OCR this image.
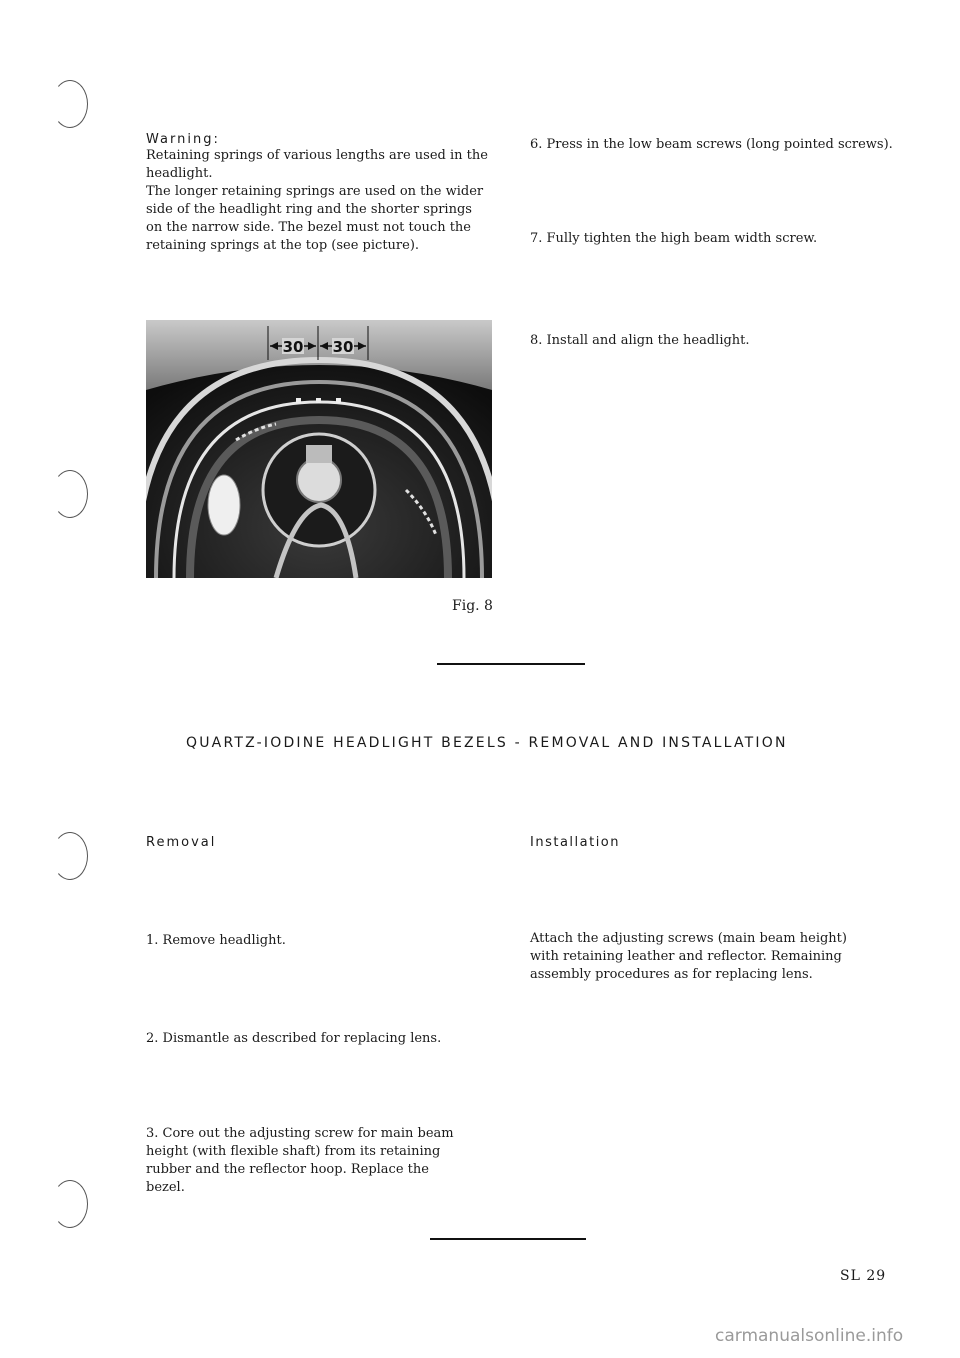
Warning:
Retaining springs of various lengths are used in the
headlight.
The longer retaining springs are used on the wider
side of the headlight ring and the shorter springs
on the narrow side. The bezel must not touch the
retaining springs at the top (see picture).
6. Press in the low beam screws (long pointed screws).
7. Fully tighten the high beam width screw.
8. Install and align the headlight.
30 30
Fig. 8
QUARTZ-IODINE HEADLIGHT BEZELS - REMOVAL AND INSTALLATION
Removal
1. Remove headlight.
2. Dismantle as described for replacing lens.
3. Core out the adjusting screw for main beam
height (with flexible shaft) from its retaining
rubber and the reflector hoop. Replace the
bezel.
Installation
Attach the adjusting screws (main beam height)
with retaining leather and reflector. Remaining
assembly procedures as for replacing lens.
SL 29
carmanualsonline.info
